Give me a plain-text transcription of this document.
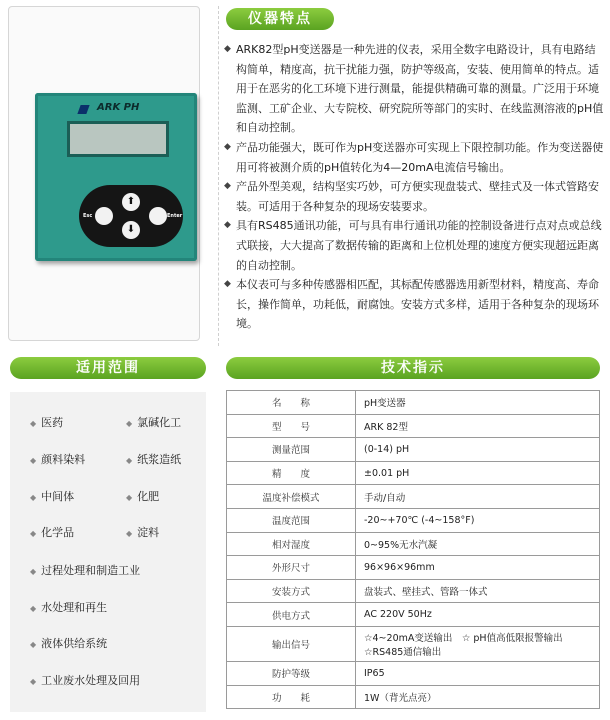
ARK PH
⬆
⬇
Esc	Enter
仪器特点
◆ ARK82型pH变送器是一种先进的仪表，采用全数字电路设计，具有电路结构简单，精度高，抗干扰能力强，防护等级高，安装、使用简单的特点。适用于在恶劣的化工环境下进行测量，能提供精确可靠的测量。广泛用于环境监测、工矿企业、大专院校、研究院所等部门的实时、在线监测溶液的pH值和自动控制。
◆ 产品功能强大，既可作为pH变送器亦可实现上下限控制功能。作为变送器使用可将被测介质的pH值转化为4—20mA电流信号输出。
◆ 产品外型美观，结构坚实巧妙，可方便实现盘装式、壁挂式及一体式管路安装。可适用于各种复杂的现场安装要求。
◆ 具有RS485通讯功能，可与具有串行通讯功能的控制设备进行点对点或总线式联接，大大提高了数据传输的距离和上位机处理的速度方便实现超远距离的自动控制。
◆ 本仪表可与多种传感器相匹配，其标配传感器选用新型材料，精度高、寿命长，操作简单，功耗低，耐腐蚀。安装方式多样，适用于各种复杂的现场环境。
适用范围
◆ 医药	◆ 氯碱化工
◆ 颜料染料	◆ 纸浆造纸
◆ 中间体	◆ 化肥
◆ 化学品	◆ 淀料
◆ 过程处理和制造工业
◆ 水处理和再生
◆ 液体供给系统
◆ 工业废水处理及回用
技术指示
名　　称	pH变送器
型　　号	ARK 82型
测量范围	(0-14) pH
精　　度	±0.01 pH
温度补偿模式	手动/自动
温度范围	-20~+70℃ (-4~158°F)
相对湿度	0~95%无水汽凝
外形尺寸	96×96×96mm
安装方式	盘装式、壁挂式、管路一体式
供电方式	AC 220V 50Hz
输出信号	☆4~20mA变送输出　☆ pH值高低限报警输出
☆RS485通信输出

防护等级	IP65
功　　耗	1W（背光点亮）
